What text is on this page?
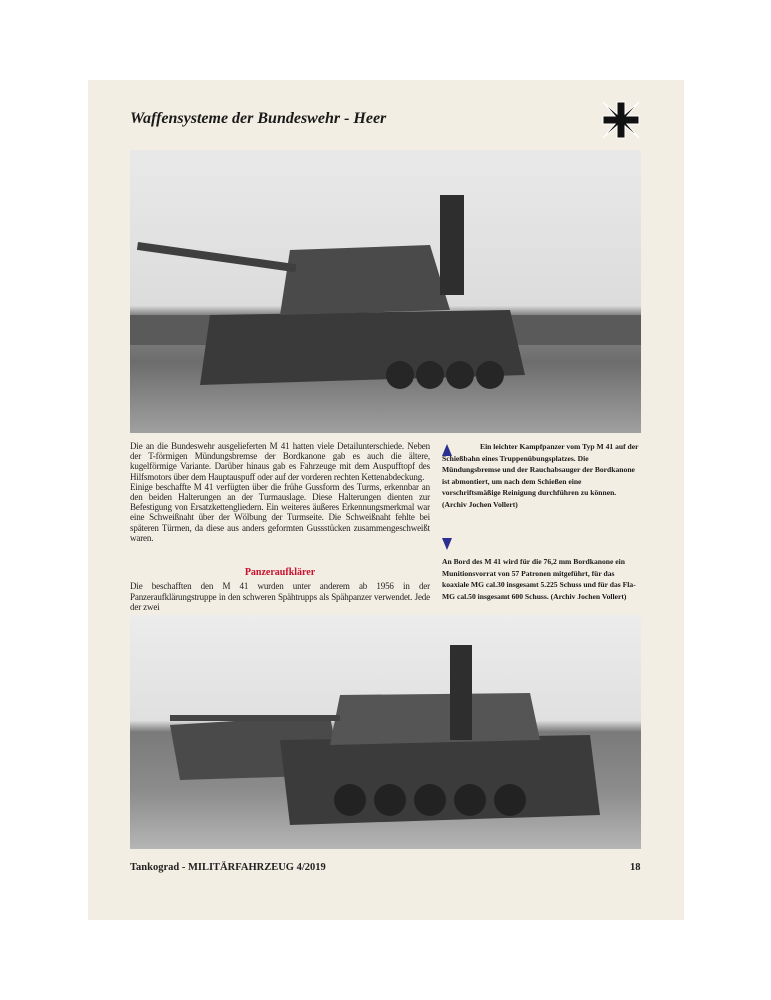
Waffensysteme der Bundeswehr - Heer
Die an die Bundeswehr ausgelieferten M 41 hatten viele Detailunterschiede. Neben der T-förmigen Mündungsbremse der Bordkanone gab es auch die ältere, kugelförmige Variante. Darüber hinaus gab es Fahrzeuge mit dem Auspufftopf des Hilfsmotors über dem Hauptauspuff oder auf der vorderen rechten Kettenabdeckung.
Einige beschaffte M 41 verfügten über die frühe Gussform des Turms, erkennbar an den beiden Halterungen an der Turmauslage. Diese Halterungen dienten zur Befestigung von Ersatzkettengliedern. Ein weiteres äußeres Erkennungsmerkmal war eine Schweißnaht über der Wölbung der Turmseite. Die Schweißnaht fehlte bei späteren Türmen, da diese aus anders geformten Gussstücken zusammengeschweißt waren.
Panzeraufklärer
Die beschafften den M 41 wurden unter anderem ab 1956 in der Panzeraufklärungstruppe in den schweren Spähtrupps als Spähpanzer verwendet. Jede der zwei
Ein leichter Kampfpanzer vom Typ M 41 auf der Schießbahn eines Truppenübungsplatzes. Die Mündungsbremse und der Rauchabsauger der Bordkanone ist abmontiert, um nach dem Schießen eine vorschriftsmäßige Reinigung durchführen zu können. (Archiv Jochen Vollert)
An Bord des M 41 wird für die 76,2 mm Bordkanone ein Munitionsvorrat von 57 Patronen mitgeführt, für das koaxiale MG cal.30 insgesamt 5.225 Schuss und für das Fla-MG cal.50 insgesamt 600 Schuss. (Archiv Jochen Vollert)
Tankograd - MILITÄRFAHRZEUG 4/2019	18
